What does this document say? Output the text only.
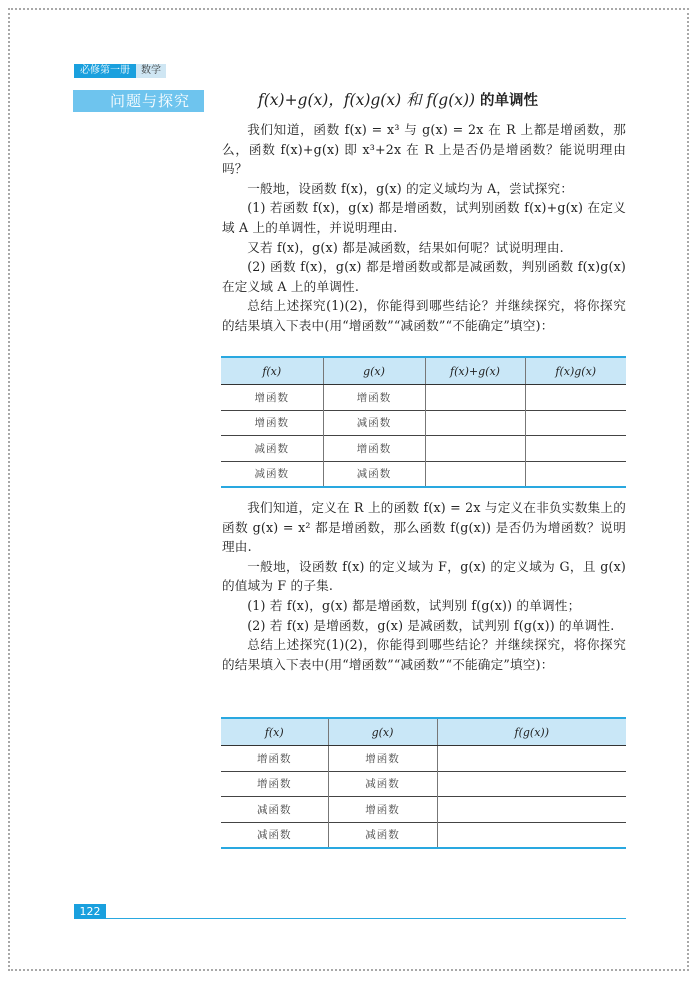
必修第一册	数学
问题与探究	f(x)+g(x)，f(x)g(x) 和 f(g(x)) 的单调性

我们知道，函数 f(x) = x³ 与 g(x) = 2x 在 R 上都是增函数，那么，函数 f(x)+g(x) 即 x³+2x 在 R 上是否仍是增函数？能说明理由吗？

一般地，设函数 f(x)，g(x) 的定义域均为 A，尝试探究：

(1) 若函数 f(x)，g(x) 都是增函数，试判别函数 f(x)+g(x) 在定义域 A 上的单调性，并说明理由.

又若 f(x)，g(x) 都是减函数，结果如何呢？试说明理由.

(2) 函数 f(x)，g(x) 都是增函数或都是减函数，判别函数 f(x)g(x) 在定义域 A 上的单调性.

总结上述探究(1)(2)，你能得到哪些结论？并继续探究，将你探究的结果填入下表中(用“增函数”“减函数”“不能确定”填空)：

f(x)	g(x)	f(x)+g(x)	f(x)g(x)
增函数	增函数		
增函数	减函数		
减函数	增函数		
减函数	减函数		

我们知道，定义在 R 上的函数 f(x) = 2x 与定义在非负实数集上的函数 g(x) = x² 都是增函数，那么函数 f(g(x)) 是否仍为增函数？说明理由.

一般地，设函数 f(x) 的定义域为 F，g(x) 的定义域为 G，且 g(x) 的值域为 F 的子集.

(1) 若 f(x)，g(x) 都是增函数，试判别 f(g(x)) 的单调性；

(2) 若 f(x) 是增函数，g(x) 是减函数，试判别 f(g(x)) 的单调性.

总结上述探究(1)(2)，你能得到哪些结论？并继续探究，将你探究的结果填入下表中(用“增函数”“减函数”“不能确定”填空)：

f(x)	g(x)	f(g(x))
增函数	增函数	
增函数	减函数	
减函数	增函数	
减函数	减函数	
122
